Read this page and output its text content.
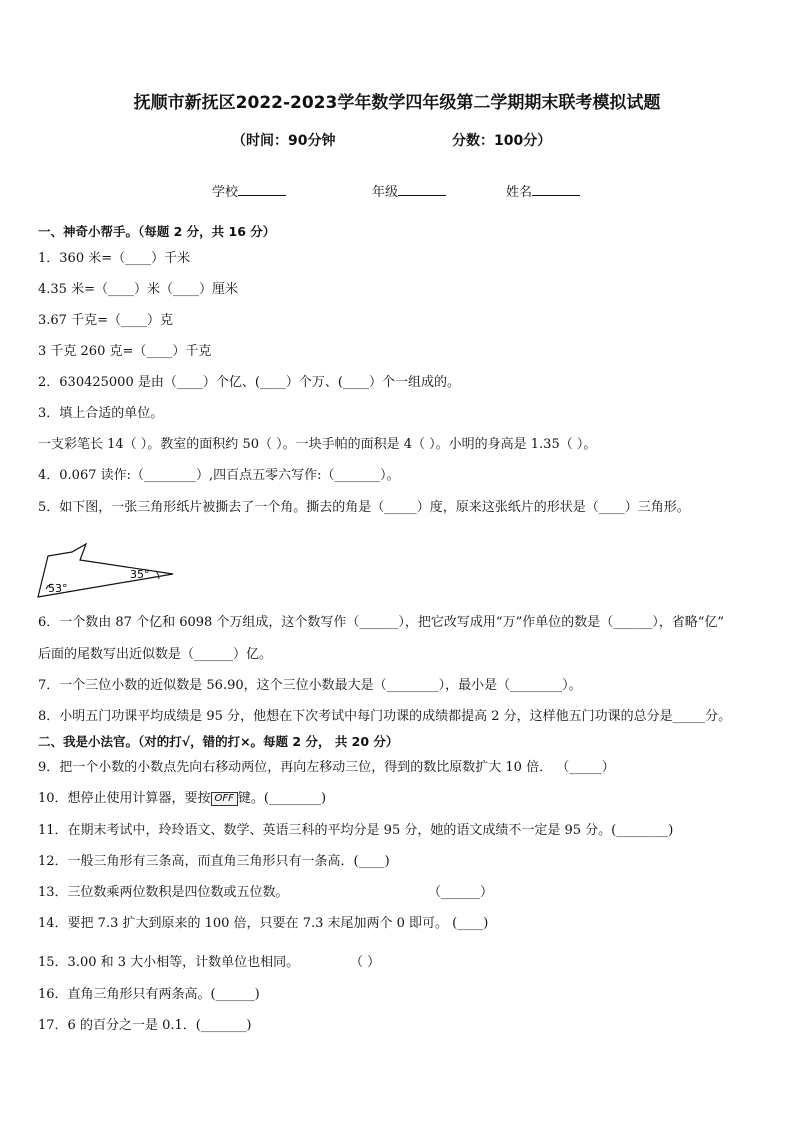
抚顺市新抚区2022-2023学年数学四年级第二学期期末联考模拟试题
（时间：90分钟	分数：100分）
学校	年级	姓名
一、神奇小帮手。（每题 2 分，共 16 分）
1．360 米=（____）千米
4.35 米=（____）米（____）厘米
3.67 千克=（____）克
3 千克 260 克=（____）千克
2．630425000 是由（____）个亿、(____）个万、(____）个一组成的。
3．填上合适的单位。
一支彩笔长 14（ ）。教室的面积约 50（ ）。一块手帕的面积是 4（ ）。小明的身高是 1.35（ ）。
4．0.067 读作:（________）,四百点五零六写作:（_______）。
5．如下图，一张三角形纸片被撕去了一个角。撕去的角是（_____）度，原来这张纸片的形状是（____）三角形。
53°
35°
6．一个数由 87 个亿和 6098 个万组成，这个数写作（______），把它改写成用“万”作单位的数是（______），省略“亿”
后面的尾数写出近似数是（______）亿。
7．一个三位小数的近似数是 56.90，这个三位小数最大是（________），最小是（________）。
8．小明五门功课平均成绩是 95 分，他想在下次考试中每门功课的成绩都提高 2 分，这样他五门功课的总分是_____分。
二、我是小法官。（对的打√，错的打×。每题 2 分， 共 20 分）
9．把一个小数的小数点先向右移动两位，再向左移动三位，得到的数比原数扩大 10 倍． （_____）
10．想停止使用计算器，要按 OFF 键。(________)
11．在期末考试中，玲玲语文、数学、英语三科的平均分是 95 分，她的语文成绩不一定是 95 分。(________)
12．一般三角形有三条高，而直角三角形只有一条高．(____)
13．三位数乘两位数积是四位数或五位数。	（______）
14．要把 7.3 扩大到原来的 100 倍，只要在 7.3 末尾加两个 0 即可。 (____)
15．3.00 和 3 大小相等，计数单位也相同。	（ ）
16．直角三角形只有两条高。(______)
17．6 的百分之一是 0.1．(_______)
